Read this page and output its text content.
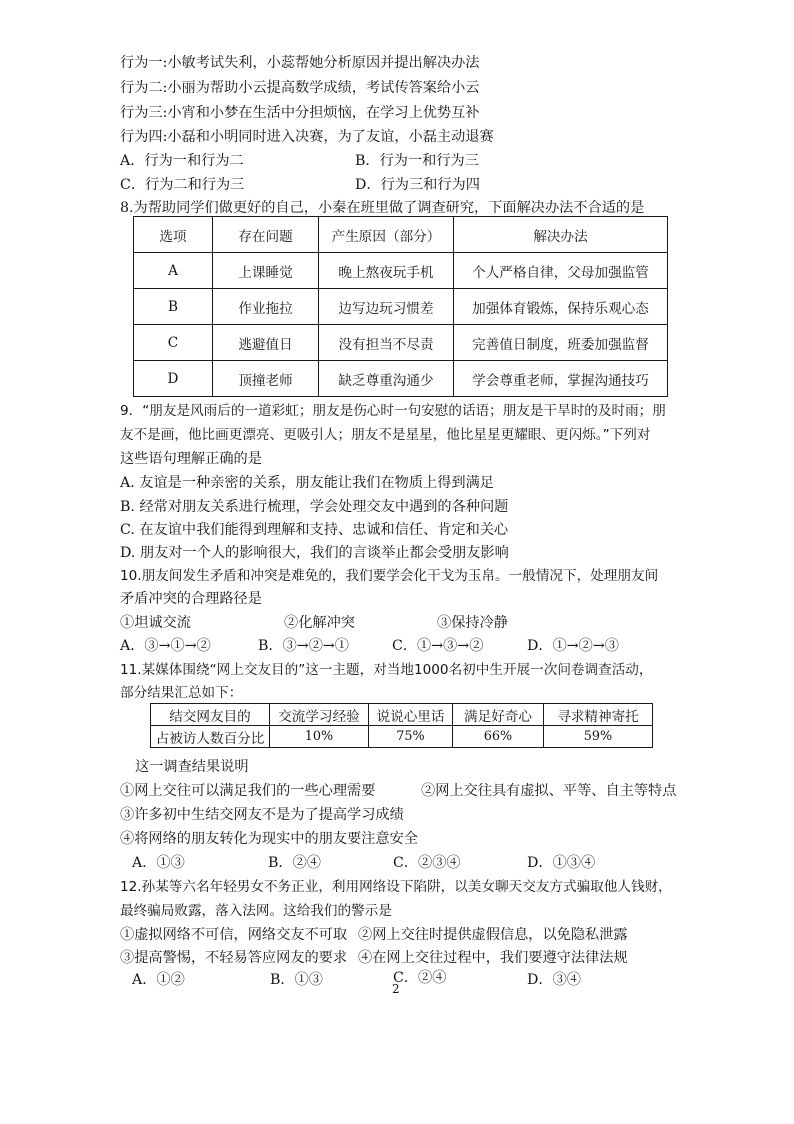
行为一:小敏考试失利，小蕊帮她分析原因并提出解决办法
行为二:小丽为帮助小云提高数学成绩，考试传答案给小云
行为三:小宵和小梦在生活中分担烦恼，在学习上优势互补
行为四:小磊和小明同时进入决赛，为了友谊，小磊主动退赛
A．行为一和行为二	B．行为一和行为三
C．行为二和行为三	D．行为三和行为四
8.为帮助同学们做更好的自己，小秦在班里做了调查研究，下面解决办法不合适的是
选项	存在问题	产生原因（部分）	解决办法
A	上课睡觉	晚上熬夜玩手机	个人严格自律，父母加强监管
B	作业拖拉	边写边玩习惯差	加强体育锻炼，保持乐观心态
C	逃避值日	没有担当不尽责	完善值日制度，班委加强监督
D	顶撞老师	缺乏尊重沟通少	学会尊重老师，掌握沟通技巧
9．“朋友是风雨后的一道彩虹；朋友是伤心时一句安慰的话语；朋友是干旱时的及时雨；朋
友不是画，他比画更漂亮、更吸引人；朋友不是星星，他比星星更耀眼、更闪烁。”下列对
这些语句理解正确的是
A. 友谊是一种亲密的关系，朋友能让我们在物质上得到满足
B. 经常对朋友关系进行梳理，学会处理交友中遇到的各种问题
C. 在友谊中我们能得到理解和支持、忠诚和信任、肯定和关心
D. 朋友对一个人的影响很大，我们的言谈举止都会受朋友影响
10.朋友间发生矛盾和冲突是难免的，我们要学会化干戈为玉帛。一般情况下，处理朋友间
矛盾冲突的合理路径是
①坦诚交流	②化解冲突	③保持冷静
A．③→①→②	B．③→②→①	C．①→③→②	D．①→②→③
11.某媒体围绕“网上交友目的”这一主题，对当地1000名初中生开展一次问卷调查活动，
部分结果汇总如下：
结交网友目的	交流学习经验	说说心里话	满足好奇心	寻求精神寄托
占被访人数百分比	10%	75%	66%	59%
这一调查结果说明
①网上交往可以满足我们的一些心理需要	②网上交往具有虚拟、平等、自主等特点
③许多初中生结交网友不是为了提高学习成绩
④将网络的朋友转化为现实中的朋友要注意安全
A．①③	B．②④	C．②③④	D．①③④
12.孙某等六名年轻男女不务正业，利用网络设下陷阱，以美女聊天交友方式骗取他人钱财，
最终骗局败露，落入法网。这给我们的警示是
①虚拟网络不可信，网络交友不可取 ②网上交往时提供虚假信息，以免隐私泄露
③提高警惕，不轻易答应网友的要求 ④在网上交往过程中，我们要遵守法律法规
A．①②	B．①③	C．②④	D．③④
2
